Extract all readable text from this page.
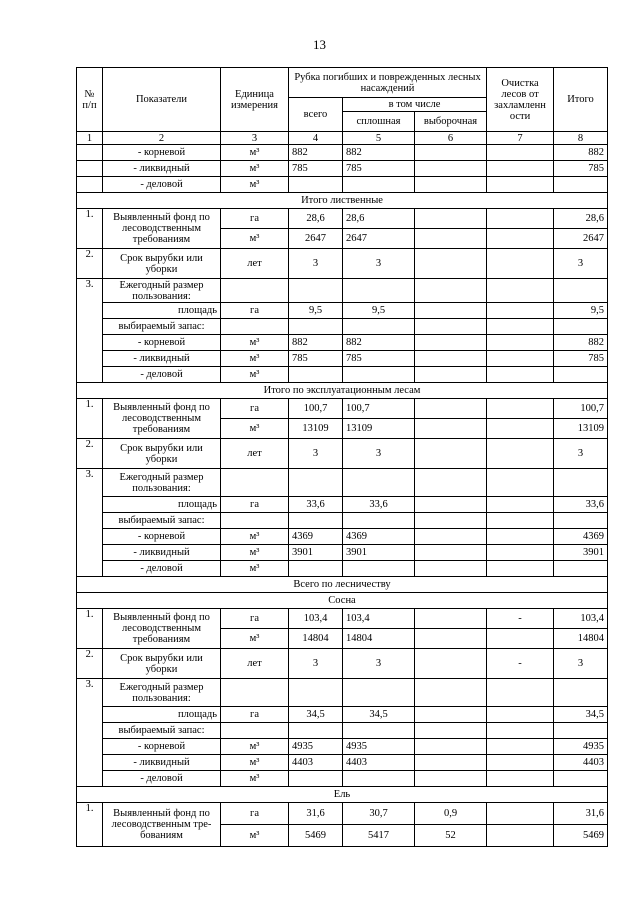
13
№ п/п	Показатели	Единица измерения	Рубка погибших и поврежденных лесных насаждений			Очистка лесов от захламленн ости	Итого
			всего	в том числе			
				сплошная	выборочная		
1	2	3	4	5	6	7	8
	- корневой	м³	882	882			882
	- ликвидный	м³	785	785			785
	- деловой	м³					
Итого лиственные							
1.	Выявленный фонд по лесоводственным требованиям	га	28,6	28,6			28,6
		м³	2647	2647			2647
2.	Срок вырубки или уборки	лет	3	3			3
3.	Ежегодный размер пользования:						
	площадь	га	9,5	9,5			9,5
	выбираемый запас:						
	- корневой	м³	882	882			882
	- ликвидный	м³	785	785			785
	- деловой	м³					
Итого по эксплуатационным лесам							
1.	Выявленный фонд по лесоводственным требованиям	га	100,7	100,7			100,7
		м³	13109	13109			13109
2.	Срок вырубки или уборки	лет	3	3			3
3.	Ежегодный размер пользования:						
	площадь	га	33,6	33,6			33,6
	выбираемый запас:						
	- корневой	м³	4369	4369			4369
	- ликвидный	м³	3901	3901			3901
	- деловой	м³					
Всего по лесничеству							
Сосна							
1.	Выявленный фонд по лесоводственным требованиям	га	103,4	103,4		-	103,4
		м³	14804	14804			14804
2.	Срок вырубки или уборки	лет	3	3		-	3
3.	Ежегодный размер пользования:						
	площадь	га	34,5	34,5			34,5
	выбираемый запас:						
	- корневой	м³	4935	4935			4935
	- ликвидный	м³	4403	4403			4403
	- деловой	м³					
Ель							
1.	Выявленный фонд по лесоводственным тре-бованиям	га	31,6	30,7	0,9		31,6
		м³	5469	5417	52		5469
